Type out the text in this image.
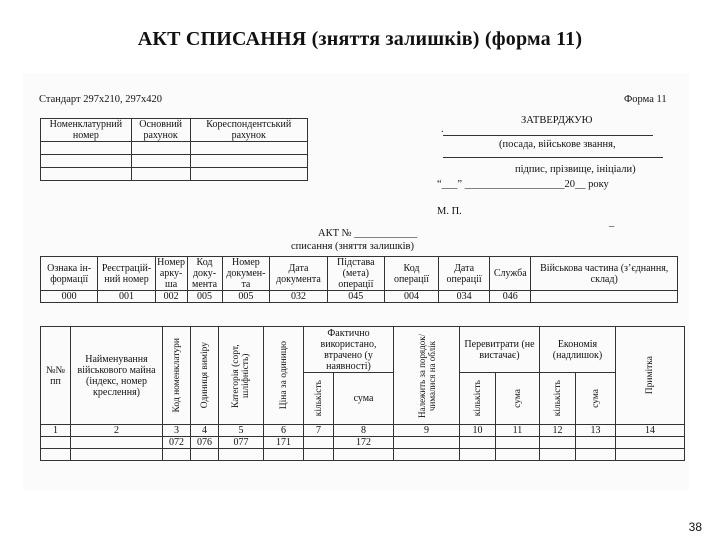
АКТ СПИСАННЯ (зняття залишків) (форма 11)
Стандарт 297х210, 297х420	Форма 11
Номенклатурний номер	Основний рахунок	Кореспондентський рахунок

ЗАТВЕРДЖУЮ
.
(посада, військове звання,
підпис, прізвище, ініціали)
“___” ___________________20__ року
М. П.
–
АКТ № ____________
списання (зняття залишків)
Ознака ін-формації	Реєстрацій-ний номер	Номер арку-ша	Код доку-мента	Номер докумен-та	Дата документа	Підстава (мета) операції	Код операції	Дата операції	Служба	Військова частина (з’єднання, склад)
000	001	002	005	005	032	045	004	034	046	
№№ пп	Найменування військового майна (індекс, номер креслення)	Код номенклатури	Одиниця виміру	Категорія (сорт, шліфність)	Ціна за одиницю	Фактично використано, втрачено (у наявності)		Належить за порядок/чималися на облік	Перевитрати (не вистачає)		Економія (надлишок)		Примітка

						кількість	сума		кількість	сума	кількість	сума	

1	2	3	4	5	6	7	8	9	10	11	12	13	14
		072	076	077	171		172						

38
